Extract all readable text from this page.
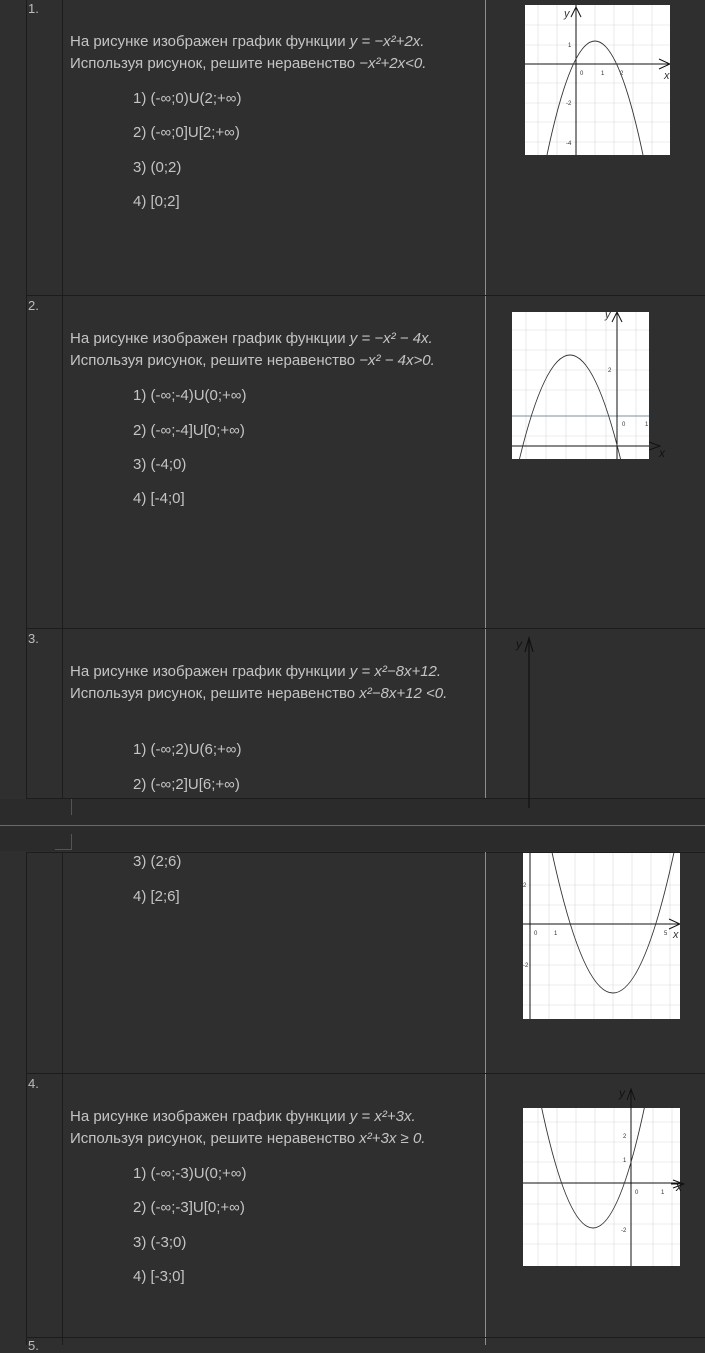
1.
На рисунке изображен график функции y = −x²+2x. Используя рисунок, решите неравенство −x²+2x<0.
1) (-∞;0)U(2;+∞)
2) (-∞;0]U[2;+∞)
3) (0;2)
4) [0;2]
y
x
0	1	2
1
-2
-4
2.
На рисунке изображен график функции y = −x² − 4x. Используя рисунок, решите неравенство −x² − 4x>0.
1) (-∞;-4)U(0;+∞)
2) (-∞;-4]U[0;+∞)
3) (-4;0)
4) [-4;0]
y
0	1
2
x
3.
На рисунке изображен график функции y = x²−8x+12. Используя рисунок, решите неравенство x²−8x+12 <0.
1) (-∞;2)U(6;+∞)
2) (-∞;2]U[6;+∞)
3) (2;6)
4) [2;6]
y
0	1	5
2
-2
x
4.
На рисунке изображен график функции y = x²+3x. Используя рисунок, решите неравенство x²+3x ≥ 0.
1) (-∞;-3)U(0;+∞)
2) (-∞;-3]U[0;+∞)
3) (-3;0)
4) [-3;0]
y
0	1
2
1
-2
x
5.
